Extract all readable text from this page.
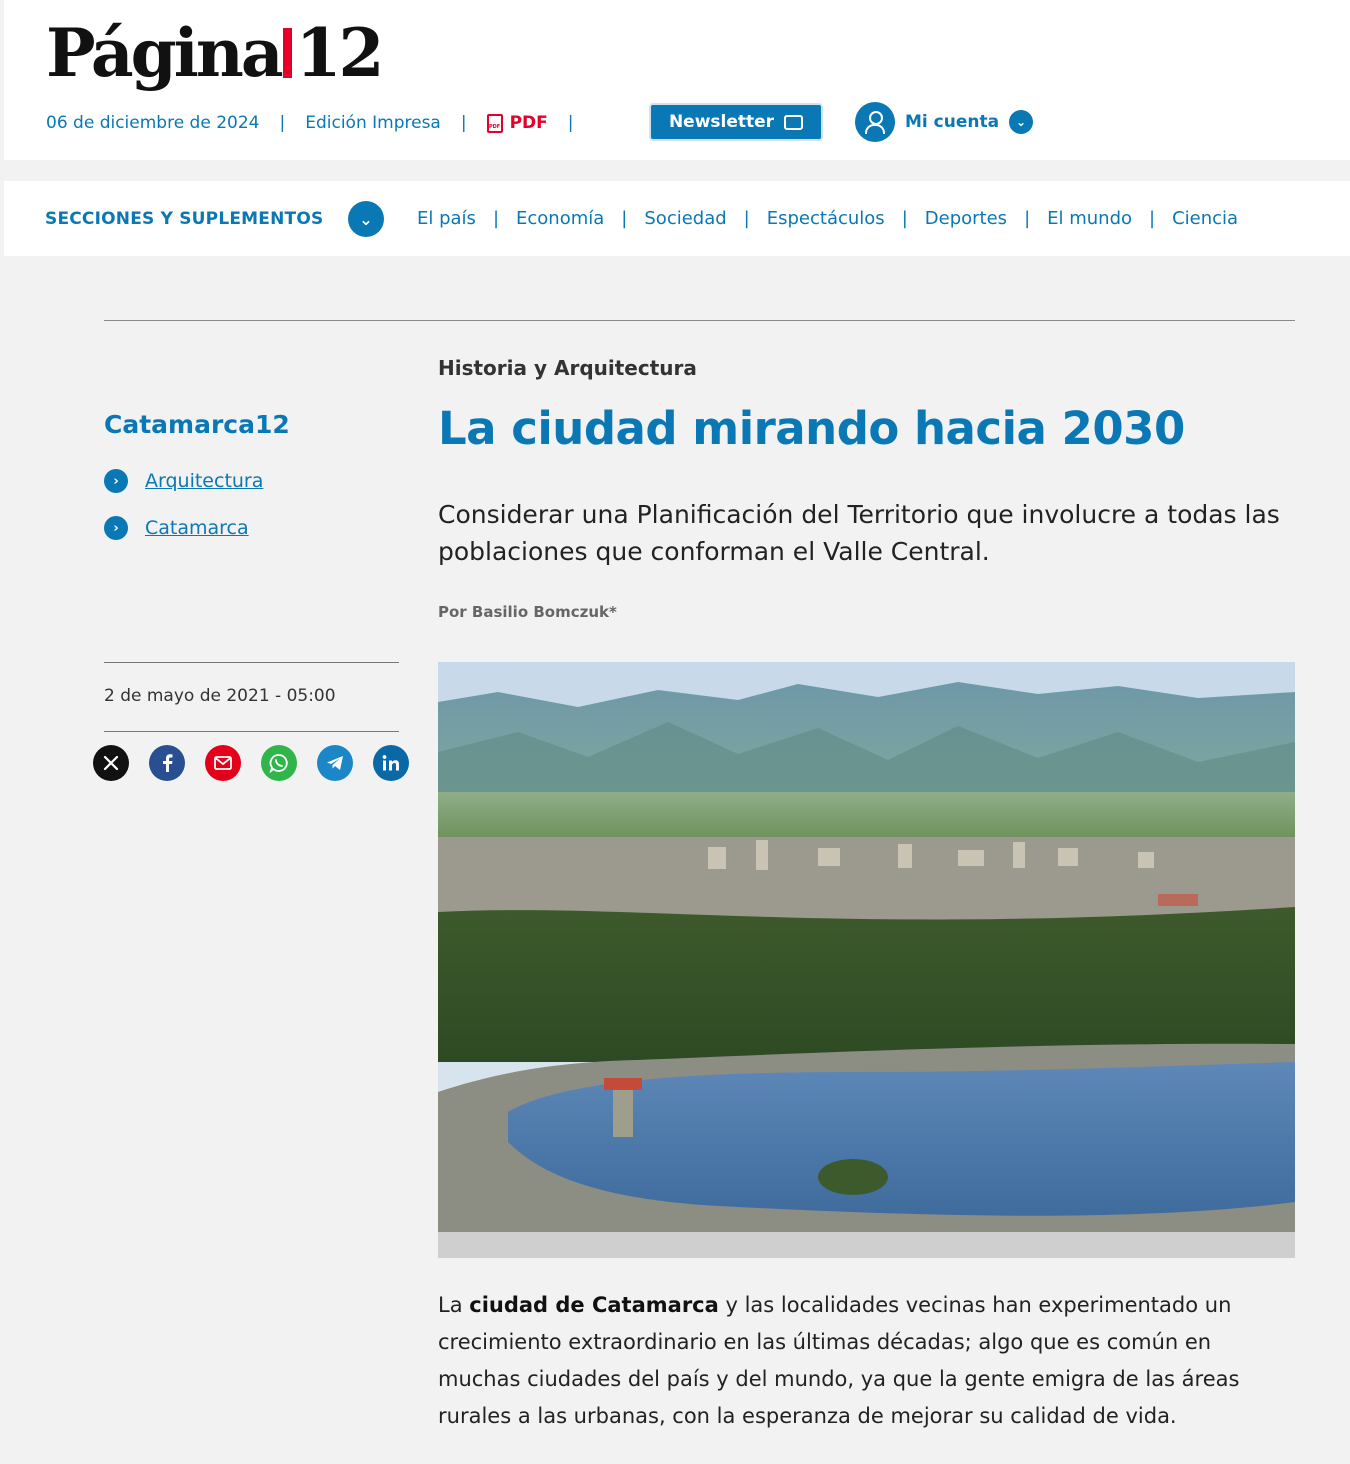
Página 12
06 de diciembre de 2024 | Edición Impresa |	PDF PDF |	Newsletter	Mi cuenta	⌄
SECCIONES Y SUPLEMENTOS	⌄	El país | Economía | Sociedad | Espectáculos | Deportes | El mundo | Ciencia
Catamarca12
›	Arquitectura
›	Catamarca
2 de mayo de 2021 - 05:00
Historia y Arquitectura
La ciudad mirando hacia 2030

Considerar una Planificación del Territorio que involucre a todas las poblaciones que conforman el Valle Central.

Por Basilio Bomczuk*

La ciudad de Catamarca y las localidades vecinas han experimentado un crecimiento extraordinario en las últimas décadas; algo que es común en muchas ciudades del país y del mundo, ya que la gente emigra de las áreas rurales a las urbanas, con la esperanza de mejorar su calidad de vida.
